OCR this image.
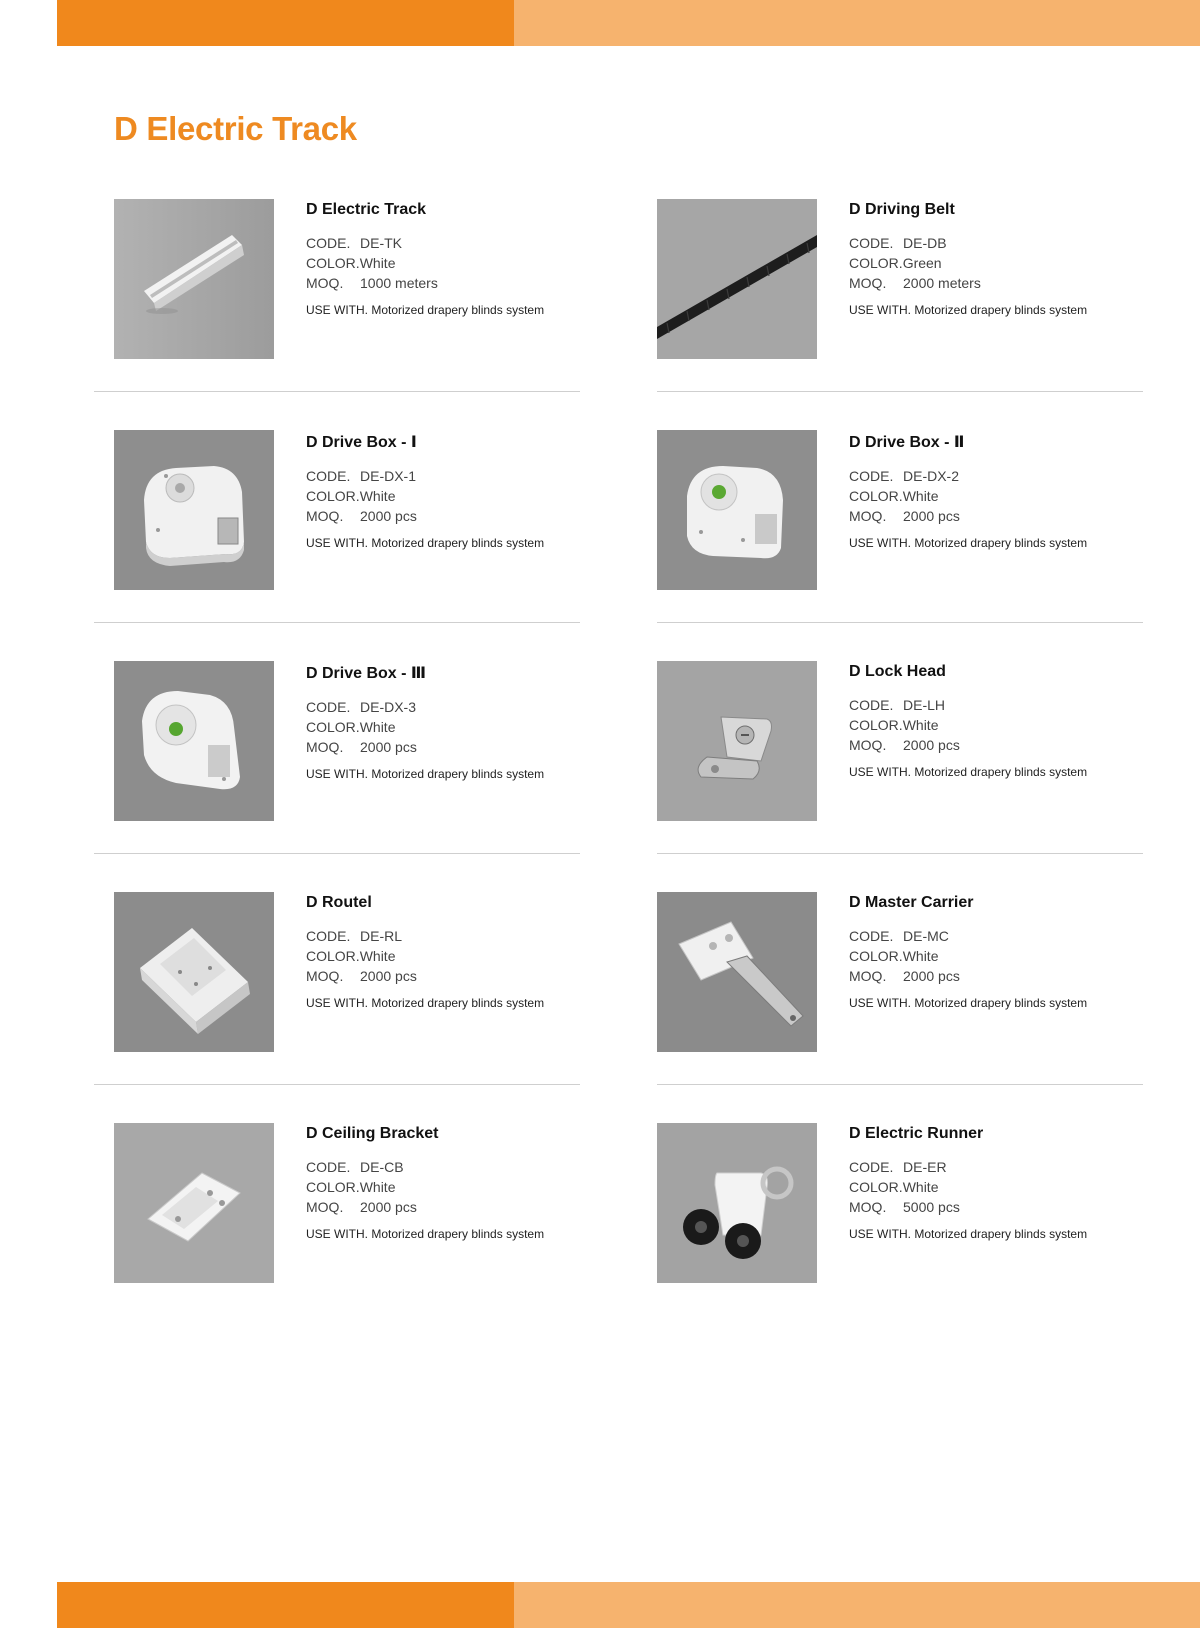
D Electric Track
D Electric Track
CODE. DE-TK
COLOR.White
MOQ. 1000 meters
USE WITH. Motorized drapery blinds system
D Driving Belt
CODE. DE-DB
COLOR.Green
MOQ. 2000 meters
USE WITH. Motorized drapery blinds system
D Drive Box - Ⅰ
CODE. DE-DX-1
COLOR.White
MOQ. 2000 pcs
USE WITH. Motorized drapery blinds system
D Drive Box - Ⅱ
CODE. DE-DX-2
COLOR.White
MOQ. 2000 pcs
USE WITH. Motorized drapery blinds system
D Drive Box - Ⅲ
CODE. DE-DX-3
COLOR.White
MOQ. 2000 pcs
USE WITH. Motorized drapery blinds system
D Lock Head
CODE. DE-LH
COLOR.White
MOQ. 2000 pcs
USE WITH. Motorized drapery blinds system
D Routel
CODE. DE-RL
COLOR.White
MOQ. 2000 pcs
USE WITH. Motorized drapery blinds system
D Master Carrier
CODE. DE-MC
COLOR.White
MOQ. 2000 pcs
USE WITH. Motorized drapery blinds system
D Ceiling Bracket
CODE. DE-CB
COLOR.White
MOQ. 2000 pcs
USE WITH. Motorized drapery blinds system
D Electric Runner
CODE. DE-ER
COLOR.White
MOQ. 5000 pcs
USE WITH. Motorized drapery blinds system
